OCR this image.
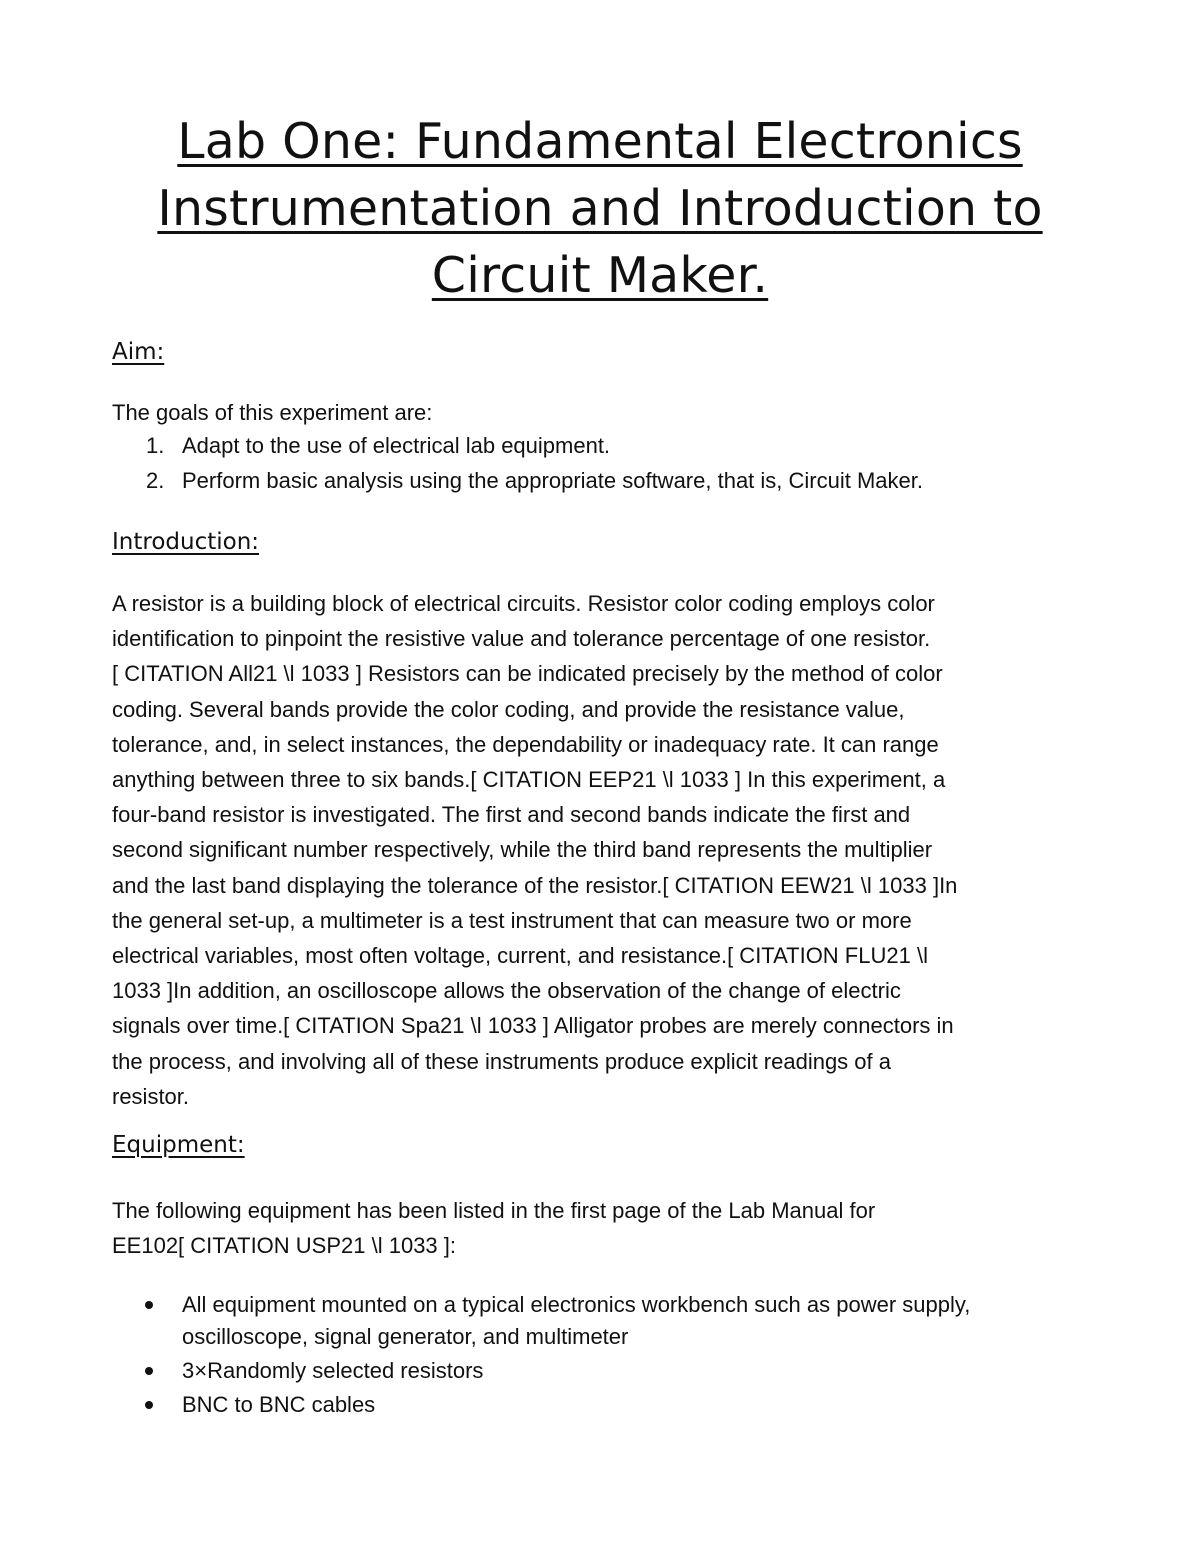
Lab One: Fundamental Electronics
Instrumentation and Introduction to
Circuit Maker.
Aim:

The goals of this experiment are:

1. Adapt to the use of electrical lab equipment.
2. Perform basic analysis using the appropriate software, that is, Circuit Maker.
Introduction:

A resistor is a building block of electrical circuits. Resistor color coding employs color
identification to pinpoint the resistive value and tolerance percentage of one resistor.
[ CITATION All21 \l 1033 ] Resistors can be indicated precisely by the method of color
coding. Several bands provide the color coding, and provide the resistance value,
tolerance, and, in select instances, the dependability or inadequacy rate. It can range
anything between three to six bands.[ CITATION EEP21 \l 1033 ] In this experiment, a
four-band resistor is investigated. The first and second bands indicate the first and
second significant number respectively, while the third band represents the multiplier
and the last band displaying the tolerance of the resistor.[ CITATION EEW21 \l 1033 ]In
the general set-up, a multimeter is a test instrument that can measure two or more
electrical variables, most often voltage, current, and resistance.[ CITATION FLU21 \l
1033 ]In addition, an oscilloscope allows the observation of the change of electric
signals over time.[ CITATION Spa21 \l 1033 ] Alligator probes are merely connectors in
the process, and involving all of these instruments produce explicit readings of a
resistor.

Equipment:

The following equipment has been listed in the first page of the Lab Manual for
EE102[ CITATION USP21 \l 1033 ]:

All equipment mounted on a typical electronics workbench such as power supply,
oscilloscope, signal generator, and multimeter
3×Randomly selected resistors
BNC to BNC cables
